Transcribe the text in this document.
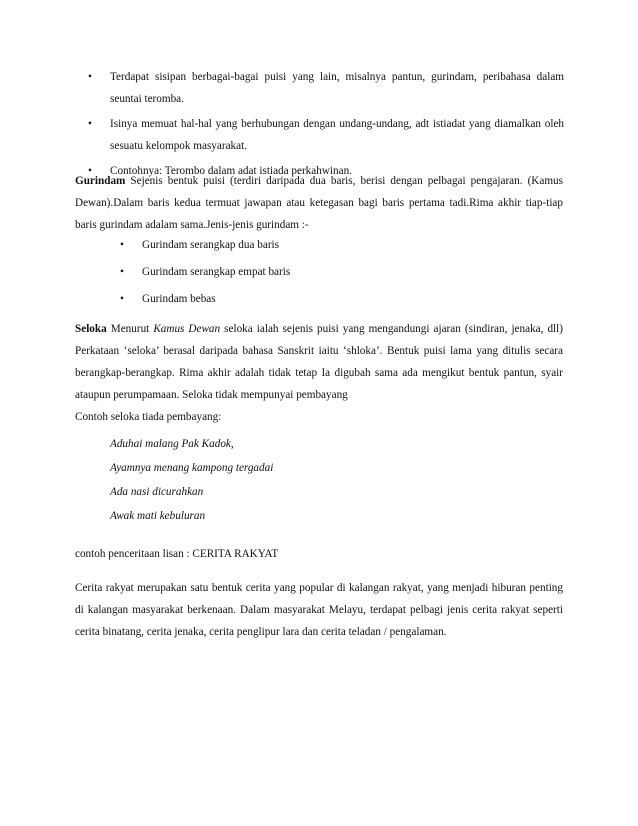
• Terdapat sisipan berbagai-bagai puisi yang lain, misalnya pantun, gurindam, peribahasa dalam seuntai teromba.
• Isinya memuat hal-hal yang berhubungan dengan undang-undang, adt istiadat yang diamalkan oleh sesuatu kelompok masyarakat.
• Contohnya: Terombo dalam adat istiada perkahwinan.

Gurindam Sejenis bentuk puisi (terdiri daripada dua baris, berisi dengan pelbagai pengajaran. (Kamus Dewan).Dalam baris kedua termuat jawapan atau ketegasan bagi baris pertama tadi.Rima akhir tiap-tiap baris gurindam adalam sama.Jenis-jenis gurindam :-

• Gurindam serangkap dua baris
• Gurindam serangkap empat baris
• Gurindam bebas

Seloka Menurut Kamus Dewan seloka ialah sejenis puisi yang mengandungi ajaran (sindiran, jenaka, dll) Perkataan ‘seloka’ berasal daripada bahasa Sanskrit iaitu ‘shloka’. Bentuk puisi lama yang ditulis secara berangkap-berangkap. Rima akhir adalah tidak tetap Ia digubah sama ada mengikut bentuk pantun, syair ataupun perumpamaan. Seloka tidak mempunyai pembayang
Contoh seloka tiada pembayang:

Aduhai malang Pak Kadok,
Ayamnya menang kampong tergadai
Ada nasi dicurahkan
Awak mati kebuluran

contoh penceritaan lisan : CERITA RAKYAT

Cerita rakyat merupakan satu bentuk cerita yang popular di kalangan rakyat, yang menjadi hiburan penting di kalangan masyarakat berkenaan. Dalam masyarakat Melayu, terdapat pelbagi jenis cerita rakyat seperti cerita binatang, cerita jenaka, cerita penglipur lara dan cerita teladan / pengalaman.
